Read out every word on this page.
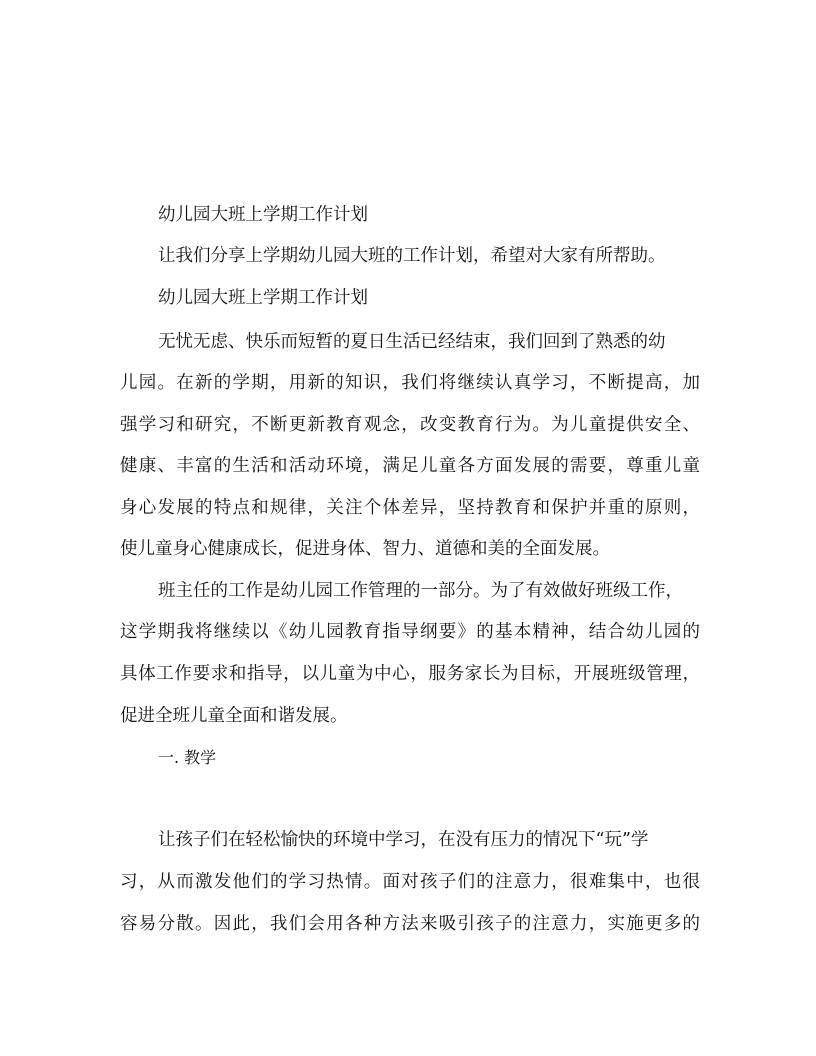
幼儿园大班上学期工作计划
让我们分享上学期幼儿园大班的工作计划，希望对大家有所帮助。
幼儿园大班上学期工作计划
无忧无虑、快乐而短暂的夏日生活已经结束，我们回到了熟悉的幼
儿园。在新的学期，用新的知识，我们将继续认真学习，不断提高，加
强学习和研究，不断更新教育观念，改变教育行为。为儿童提供安全、
健康、丰富的生活和活动环境，满足儿童各方面发展的需要，尊重儿童
身心发展的特点和规律，关注个体差异，坚持教育和保护并重的原则，
使儿童身心健康成长，促进身体、智力、道德和美的全面发展。
班主任的工作是幼儿园工作管理的一部分。为了有效做好班级工作，
这学期我将继续以《幼儿园教育指导纲要》的基本精神，结合幼儿园的
具体工作要求和指导，以儿童为中心，服务家长为目标，开展班级管理，
促进全班儿童全面和谐发展。
一. 教学
让孩子们在轻松愉快的环境中学习，在没有压力的情况下“玩”学
习，从而激发他们的学习热情。面对孩子们的注意力，很难集中，也很
容易分散。因此，我们会用各种方法来吸引孩子的注意力，实施更多的
